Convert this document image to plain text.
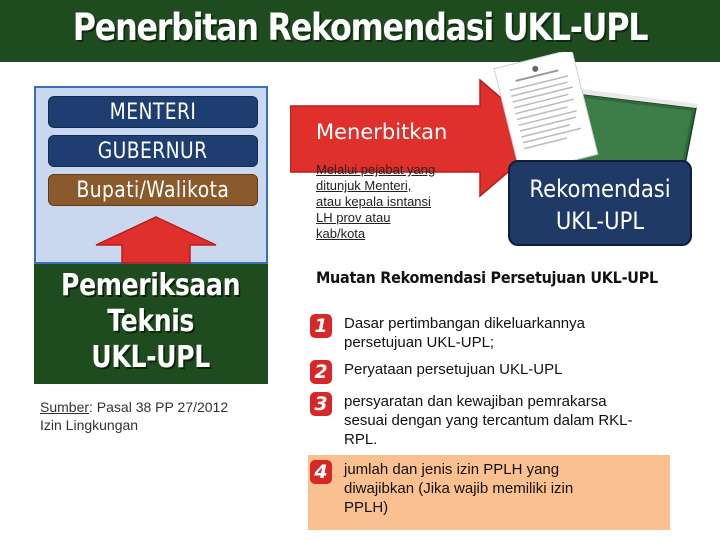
Penerbitan Rekomendasi UKL-UPL
MENTERI
GUBERNUR
Bupati/Walikota
Pemeriksaan
Teknis
UKL-UPL
Sumber: Pasal 38 PP 27/2012
Izin Lingkungan
Menerbitkan
Melalui pejabat yang
ditunjuk Menteri,
atau kepala isntansi
LH prov atau
kab/kota
Rekomendasi
UKL-UPL
Muatan Rekomendasi Persetujuan UKL-UPL
1 Dasar pertimbangan dikeluarkannya
persetujuan UKL-UPL;
2 Peryataan persetujuan UKL-UPL
3 persyaratan dan kewajiban pemrakarsa
sesuai dengan yang tercantum dalam RKL-
RPL.
4 jumlah dan jenis izin PPLH yang
diwajibkan (Jika wajib memiliki izin
PPLH)
